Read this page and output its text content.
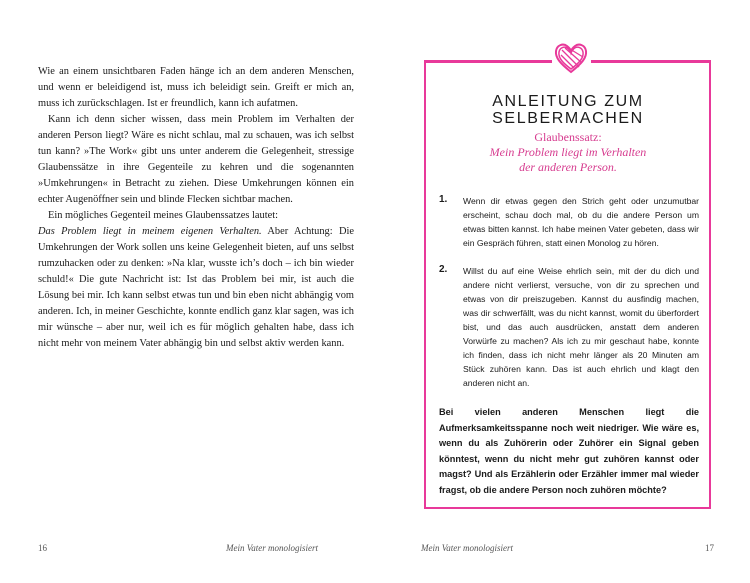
Wie an einem unsichtbaren Faden hänge ich an dem anderen Menschen, und wenn er beleidigend ist, muss ich beleidigt sein. Greift er mich an, muss ich zurückschlagen. Ist er freundlich, kann ich aufatmen.

Kann ich denn sicher wissen, dass mein Problem im Verhalten der anderen Person liegt? Wäre es nicht schlau, mal zu schauen, was ich selbst tun kann? »The Work« gibt uns unter anderem die Gelegenheit, stressige Glaubenssätze in ihre Gegenteile zu kehren und die sogenannten »Umkehrungen« in Betracht zu ziehen. Diese Umkehrungen können ein echter Augenöffner sein und blinde Flecken sichtbar machen.

Ein mögliches Gegenteil meines Glaubenssatzes lautet:
Das Problem liegt in meinem eigenen Verhalten. Aber Achtung: Die Umkehrungen der Work sollen uns keine Gelegenheit bieten, auf uns selbst rumzuhacken oder zu denken: »Na klar, wusste ich’s doch – ich bin wieder schuld!« Die gute Nachricht ist: Ist das Problem bei mir, ist auch die Lösung bei mir. Ich kann selbst etwas tun und bin eben nicht abhängig vom anderen. Ich, in meiner Geschichte, konnte endlich ganz klar sagen, was ich mir wünsche – aber nur, weil ich es für möglich gehalten habe, dass ich nicht mehr von meinem Vater abhängig bin und selbst aktiv werden kann.

16	Mein Vater monologisiert
ANLEITUNG ZUM
SELBERMACHEN
Glaubenssatz:
Mein Problem liegt im Verhalten
der anderen Person.
1. Wenn dir etwas gegen den Strich geht oder unzumutbar erscheint, schau doch mal, ob du die andere Person um etwas bitten kannst. Ich habe meinen Vater gebeten, dass wir ein Gespräch führen, statt einen Monolog zu hören.
2. Willst du auf eine Weise ehrlich sein, mit der du dich und andere nicht verlierst, versuche, von dir zu sprechen und etwas von dir preiszugeben. Kannst du ausfindig machen, was dir schwerfällt, was du nicht kannst, womit du überfordert bist, und das auch ausdrücken, anstatt dem anderen Vorwürfe zu machen? Als ich zu mir geschaut habe, konnte ich finden, dass ich nicht mehr länger als 20 Minuten am Stück zuhören kann. Das ist auch ehrlich und klagt den anderen nicht an.

Bei vielen anderen Menschen liegt die Aufmerksamkeitsspanne noch weit niedriger. Wie wäre es, wenn du als Zuhörerin oder Zuhörer ein Signal geben könntest, wenn du nicht mehr gut zuhören kannst oder magst? Und als Erzählerin oder Erzähler immer mal wieder fragst, ob die andere Person noch zuhören möchte?

Mein Vater monologisiert	17
